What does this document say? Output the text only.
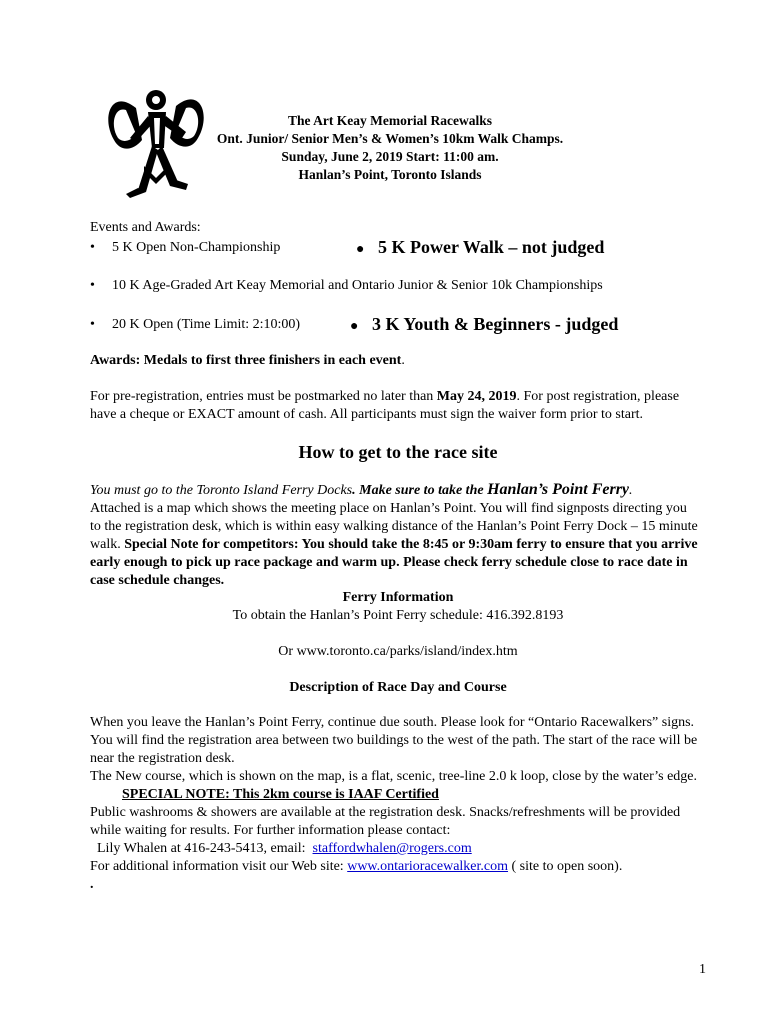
The Art Keay Memorial Racewalks
Ont. Junior/ Senior Men’s & Women’s 10km Walk Champs.
Sunday, June 2, 2019 Start: 11:00 am.
Hanlan’s Point, Toronto Islands
Events and Awards:
• 5 K Open Non-Championship	● 5 K Power Walk – not judged
• 10 K Age-Graded Art Keay Memorial and Ontario Junior & Senior 10k Championships
• 20 K Open (Time Limit: 2:10:00)	● 3 K Youth & Beginners - judged
Awards: Medals to first three finishers in each event.
For pre-registration, entries must be postmarked no later than May 24, 2019. For post registration, please have a cheque or EXACT amount of cash. All participants must sign the waiver form prior to start.
How to get to the race site
You must go to the Toronto Island Ferry Docks. Make sure to take the Hanlan’s Point Ferry.
Attached is a map which shows the meeting place on Hanlan’s Point. You will find signposts directing you to the registration desk, which is within easy walking distance of the Hanlan’s Point Ferry Dock – 15 minute walk. Special Note for competitors: You should take the 8:45 or 9:30am ferry to ensure that you arrive early enough to pick up race package and warm up. Please check ferry schedule close to race date in case schedule changes.
Ferry Information
To obtain the Hanlan’s Point Ferry schedule: 416.392.8193
Or www.toronto.ca/parks/island/index.htm
Description of Race Day and Course
When you leave the Hanlan’s Point Ferry, continue due south. Please look for “Ontario Racewalkers” signs. You will find the registration area between two buildings to the west of the path. The start of the race will be near the registration desk.
The New course, which is shown on the map, is a flat, scenic, tree-line 2.0 k loop, close by the water’s edge.SPECIAL NOTE: This 2km course is IAAF Certified
Public washrooms & showers are available at the registration desk. Snacks/refreshments will be provided while waiting for results. For further information please contact:
Lily Whalen at 416-243-5413, email:  staffordwhalen@rogers.com
For additional information visit our Web site: www.ontarioracewalker.com ( site to open soon).
.
1
